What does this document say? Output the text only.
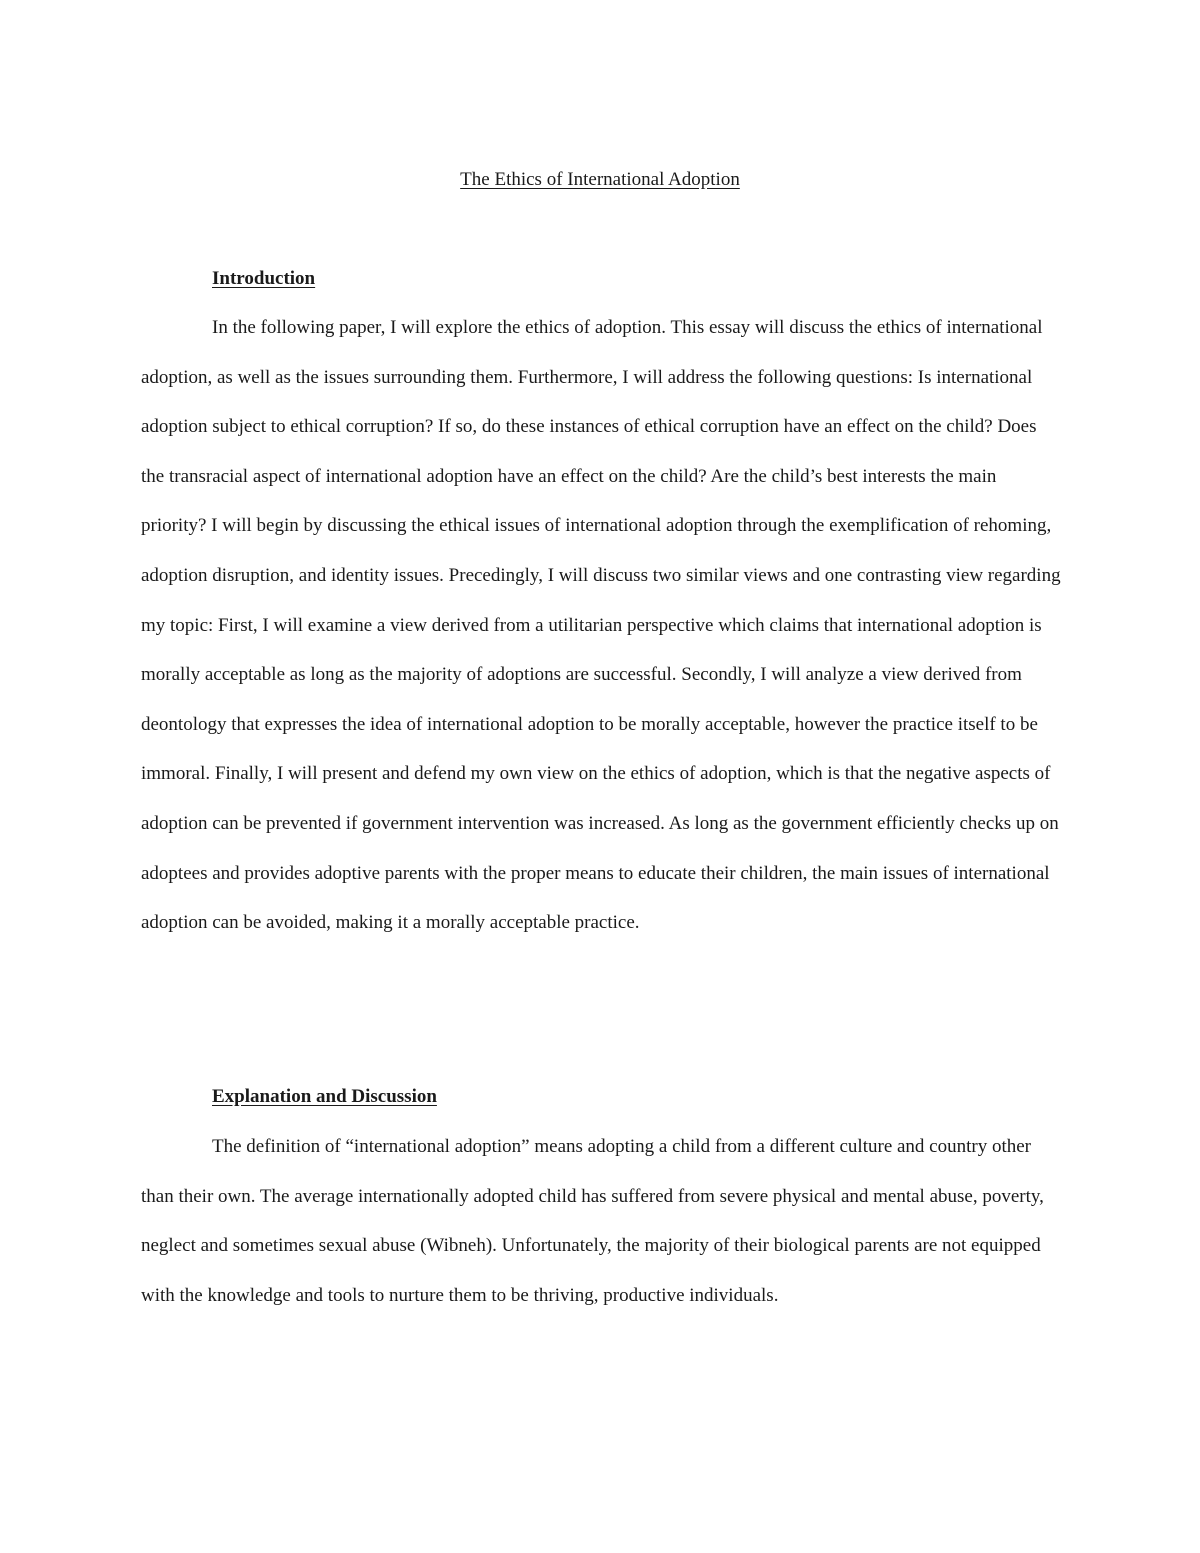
The Ethics of International Adoption
Introduction

In the following paper, I will explore the ethics of adoption. This essay will discuss the ethics of international adoption, as well as the issues surrounding them. Furthermore, I will address the following questions: Is international adoption subject to ethical corruption? If so, do these instances of ethical corruption have an effect on the child? Does the transracial aspect of international adoption have an effect on the child? Are the child’s best interests the main priority? I will begin by discussing the ethical issues of international adoption through the exemplification of rehoming, adoption disruption, and identity issues. Precedingly, I will discuss two similar views and one contrasting view regarding my topic: First, I will examine a view derived from a utilitarian perspective which claims that international adoption is morally acceptable as long as the majority of adoptions are successful. Secondly, I will analyze a view derived from deontology that expresses the idea of international adoption to be morally acceptable, however the practice itself to be immoral. Finally, I will present and defend my own view on the ethics of adoption, which is that the negative aspects of adoption can be prevented if government intervention was increased. As long as the government efficiently checks up on adoptees and provides adoptive parents with the proper means to educate their children, the main issues of international adoption can be avoided, making it a morally acceptable practice.

Explanation and Discussion

The definition of “international adoption” means adopting a child from a different culture and country other than their own. The average internationally adopted child has suffered from severe physical and mental abuse, poverty, neglect and sometimes sexual abuse (Wibneh). Unfortunately, the majority of their biological parents are not equipped with the knowledge and tools to nurture them to be thriving, productive individuals.
